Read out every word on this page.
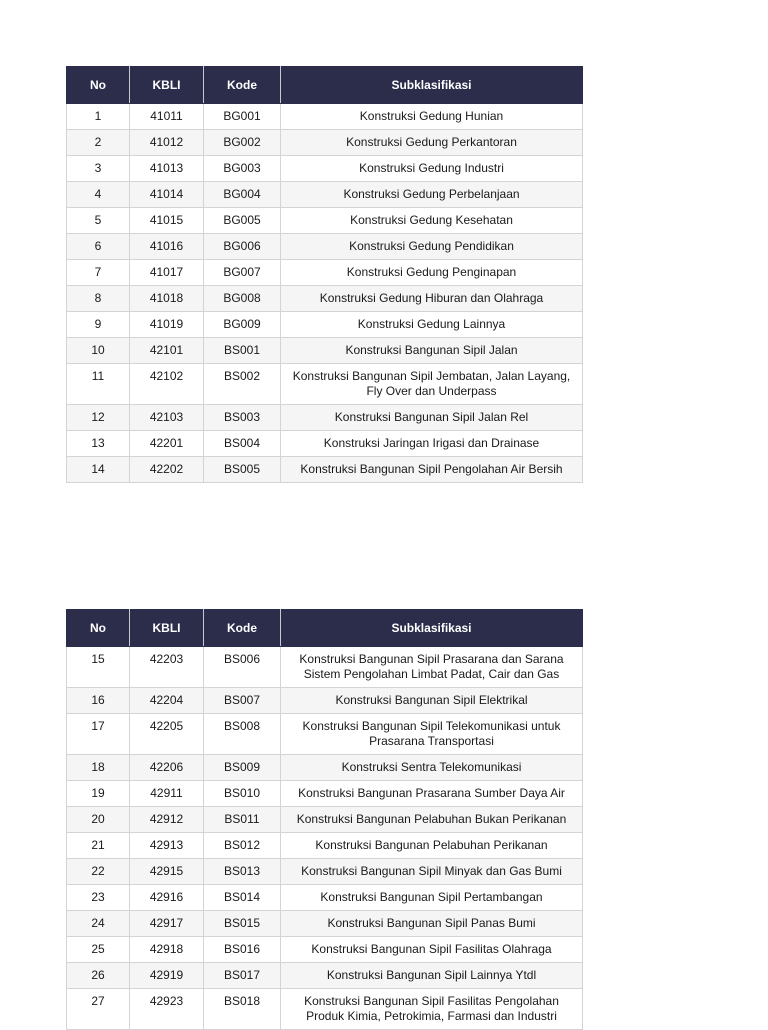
No	KBLI	Kode	Subklasifikasi
1	41011	BG001	Konstruksi Gedung Hunian
2	41012	BG002	Konstruksi Gedung Perkantoran
3	41013	BG003	Konstruksi Gedung Industri
4	41014	BG004	Konstruksi Gedung Perbelanjaan
5	41015	BG005	Konstruksi Gedung Kesehatan
6	41016	BG006	Konstruksi Gedung Pendidikan
7	41017	BG007	Konstruksi Gedung Penginapan
8	41018	BG008	Konstruksi Gedung Hiburan dan Olahraga
9	41019	BG009	Konstruksi Gedung Lainnya
10	42101	BS001	Konstruksi Bangunan Sipil Jalan
11	42102	BS002	Konstruksi Bangunan Sipil Jembatan, Jalan Layang, Fly Over dan Underpass
12	42103	BS003	Konstruksi Bangunan Sipil Jalan Rel
13	42201	BS004	Konstruksi Jaringan Irigasi dan Drainase
14	42202	BS005	Konstruksi Bangunan Sipil Pengolahan Air Bersih
No	KBLI	Kode	Subklasifikasi
15	42203	BS006	Konstruksi Bangunan Sipil Prasarana dan Sarana Sistem Pengolahan Limbat Padat, Cair dan Gas
16	42204	BS007	Konstruksi Bangunan Sipil Elektrikal
17	42205	BS008	Konstruksi Bangunan Sipil Telekomunikasi untuk Prasarana Transportasi
18	42206	BS009	Konstruksi Sentra Telekomunikasi
19	42911	BS010	Konstruksi Bangunan Prasarana Sumber Daya Air
20	42912	BS011	Konstruksi Bangunan Pelabuhan Bukan Perikanan
21	42913	BS012	Konstruksi Bangunan Pelabuhan Perikanan
22	42915	BS013	Konstruksi Bangunan Sipil Minyak dan Gas Bumi
23	42916	BS014	Konstruksi Bangunan Sipil Pertambangan
24	42917	BS015	Konstruksi Bangunan Sipil Panas Bumi
25	42918	BS016	Konstruksi Bangunan Sipil Fasilitas Olahraga
26	42919	BS017	Konstruksi Bangunan Sipil Lainnya Ytdl
27	42923	BS018	Konstruksi Bangunan Sipil Fasilitas Pengolahan Produk Kimia, Petrokimia, Farmasi dan Industri
